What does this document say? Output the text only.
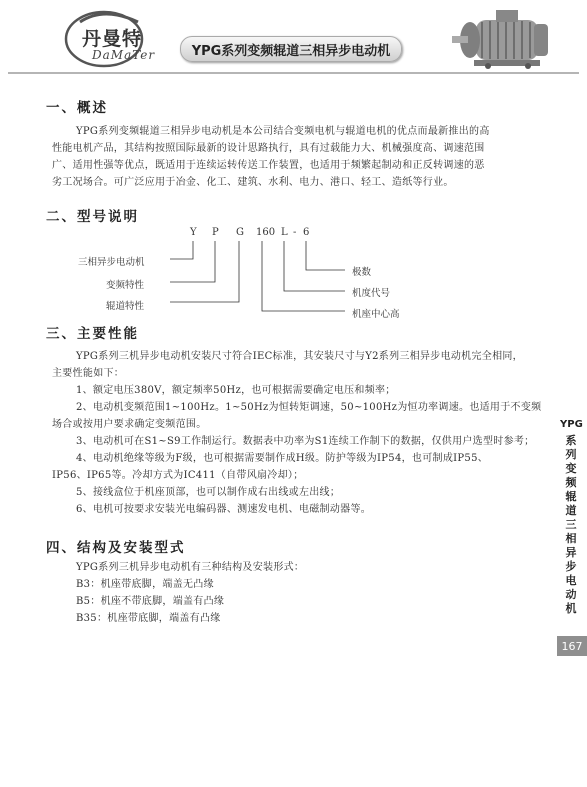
丹曼特
DaMaTer	YPG系列变频辊道三相异步电动机
一、概述
YPG系列变频辊道三相异步电动机是本公司结合变频电机与辊道电机的优点而最新推出的高
性能电机产品，其结构按照国际最新的设计思路执行，具有过载能力大、机械强度高、调速范围
广、适用性强等优点，既适用于连续运转传送工作装置，也适用于频繁起制动和正反转调速的恶
劣工况场合。可广泛应用于冶金、化工、建筑、水利、电力、港口、轻工、造纸等行业。
二、型号说明
Y P G 160 L - 6
三相异步电动机
变频特性
辊道特性
极数
机度代号
机座中心高
三、主要性能
YPG系列三机异步电动机安装尺寸符合IEC标准，其安装尺寸与Y2系列三相异步电动机完全相同，
主要性能如下：
1、额定电压380V，额定频率50Hz，也可根据需要确定电压和频率；
2、电动机变频范围1~100Hz。1~50Hz为恒转矩调速，50~100Hz为恒功率调速。也适用于不变频
场合或按用户要求确定变频范围。
3、电动机可在S1~S9工作制运行。数据表中功率为S1连续工作制下的数据，仅供用户选型时参考；
4、电动机绝缘等级为F级，也可根据需要制作成H级。防护等级为IP54，也可制成IP55、
IP56、IP65等。冷却方式为IC411（自带风扇冷却）；
5、接线盒位于机座顶部，也可以制作成右出线或左出线；
6、电机可按要求安装光电编码器、测速发电机、电磁制动器等。
四、结构及安装型式
YPG系列三机异步电动机有三种结构及安装形式：
B3：机座带底脚，端盖无凸缘
B5：机座不带底脚，端盖有凸缘
B35：机座带底脚，端盖有凸缘
YPG
系
列
变
频
辊
道
三
相
异
步
电
动
机
167
